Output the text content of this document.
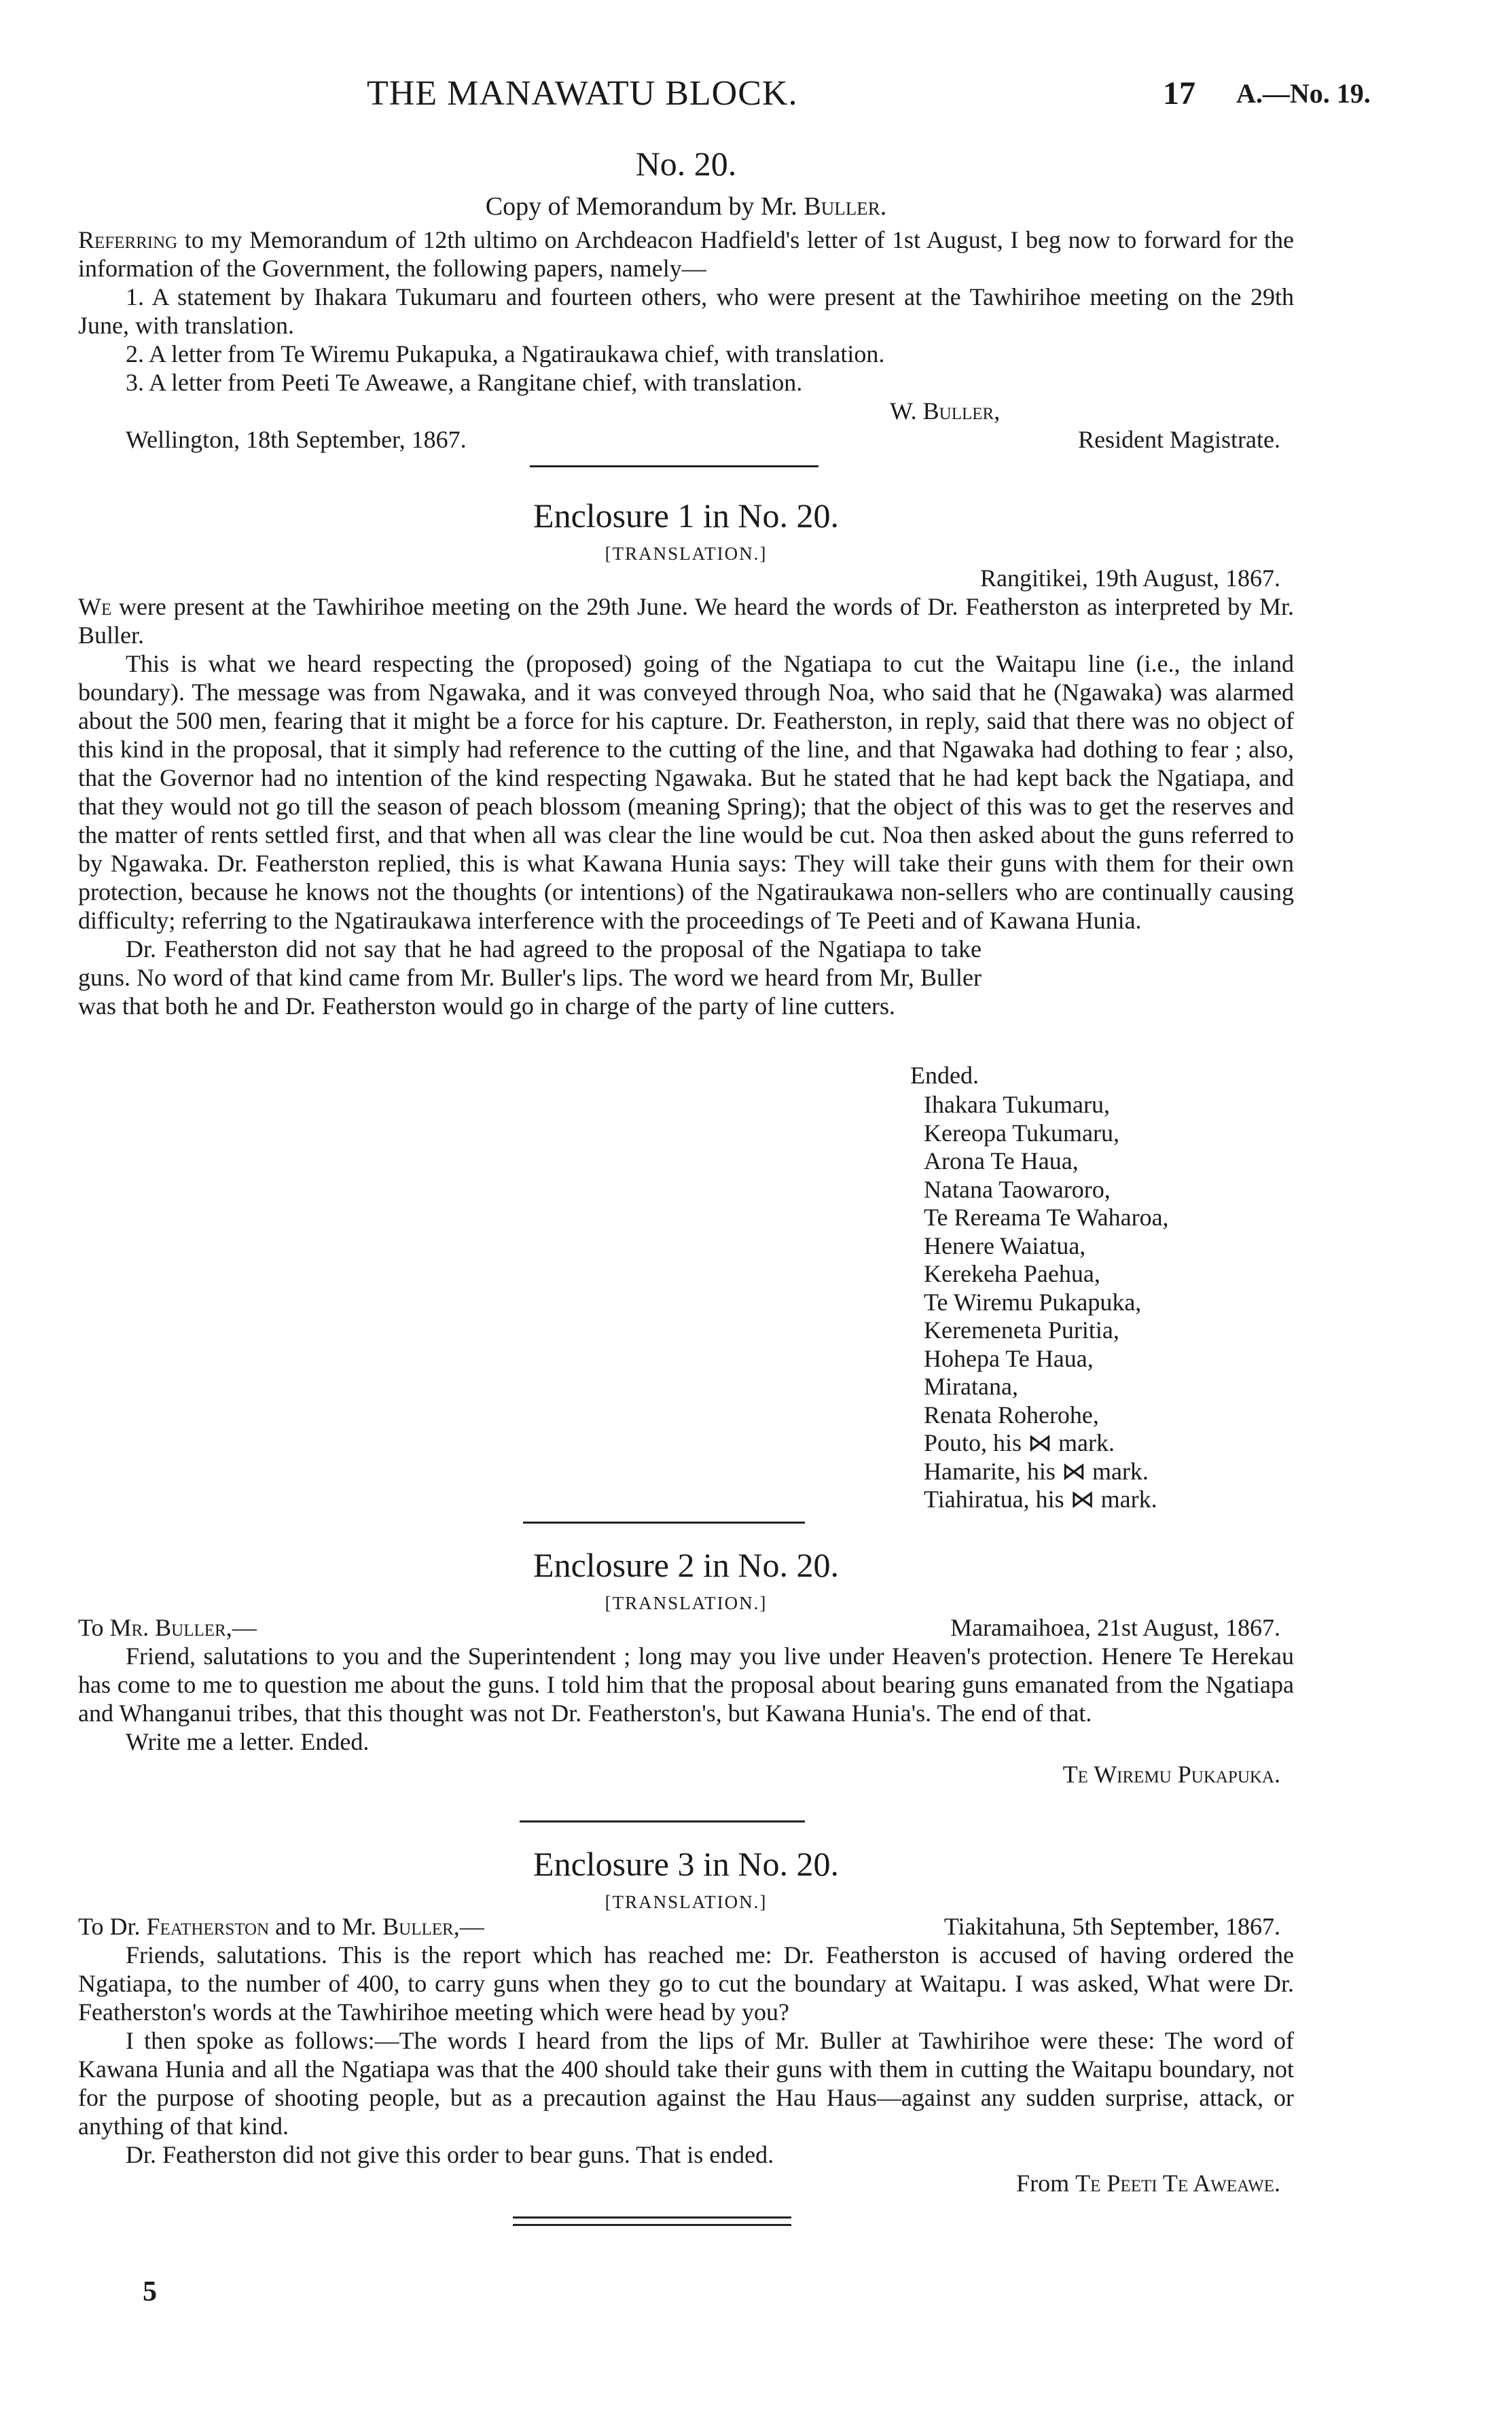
THE MANAWATU BLOCK.	17 A.—No. 19.
No. 20.
Copy of Memorandum by Mr. Buller.

Referring to my Memorandum of 12th ultimo on Archdeacon Hadfield's letter of 1st August, I beg now to forward for the information of the Government, the following papers, namely—

1. A statement by Ihakara Tukumaru and fourteen others, who were present at the Tawhirihoe meeting on the 29th June, with translation.

2. A letter from Te Wiremu Pukapuka, a Ngatiraukawa chief, with translation.

3. A letter from Peeti Te Aweawe, a Rangitane chief, with translation.

W. Buller,
Wellington, 18th September, 1867.	Resident Magistrate.
Enclosure 1 in No. 20.
[TRANSLATION.]
Rangitikei, 19th August, 1867.

We were present at the Tawhirihoe meeting on the 29th June. We heard the words of Dr. Featherston as interpreted by Mr. Buller.

This is what we heard respecting the (proposed) going of the Ngatiapa to cut the Waitapu line (i.e., the inland boundary). The message was from Ngawaka, and it was conveyed through Noa, who said that he (Ngawaka) was alarmed about the 500 men, fearing that it might be a force for his capture. Dr. Featherston, in reply, said that there was no object of this kind in the proposal, that it simply had reference to the cutting of the line, and that Ngawaka had dothing to fear ; also, that the Governor had no intention of the kind respecting Ngawaka. But he stated that he had kept back the Ngatiapa, and that they would not go till the season of peach blossom (meaning Spring); that the object of this was to get the reserves and the matter of rents settled first, and that when all was clear the line would be cut. Noa then asked about the guns referred to by Ngawaka. Dr. Featherston replied, this is what Kawana Hunia says: They will take their guns with them for their own protection, because he knows not the thoughts (or intentions) of the Ngatiraukawa non-sellers who are continually causing difficulty; referring to the Ngatiraukawa interference with the proceedings of Te Peeti and of Kawana Hunia.

Dr. Featherston did not say that he had agreed to the proposal of the Ngatiapa to take guns. No word of that kind came from Mr. Buller's lips. The word we heard from Mr, Buller was that both he and Dr. Featherston would go in charge of the party of line cutters.

Ended.
Ihakara Tukumaru,
Kereopa Tukumaru,
Arona Te Haua,
Natana Taowaroro,
Te Rereama Te Waharoa,
Henere Waiatua,
Kerekeha Paehua,
Te Wiremu Pukapuka,
Keremeneta Puritia,
Hohepa Te Haua,
Miratana,
Renata Roherohe,
Pouto, his ⋈ mark.
Hamarite, his ⋈ mark.
Tiahiratua, his ⋈ mark.
Enclosure 2 in No. 20.
[TRANSLATION.]
To Mr. Buller,—	Maramaihoea, 21st August, 1867.

Friend, salutations to you and the Superintendent ; long may you live under Heaven's protection. Henere Te Herekau has come to me to question me about the guns. I told him that the proposal about bearing guns emanated from the Ngatiapa and Whanganui tribes, that this thought was not Dr. Featherston's, but Kawana Hunia's. The end of that.

Write me a letter. Ended.

Te Wiremu Pukapuka.
Enclosure 3 in No. 20.
[TRANSLATION.]
To Dr. Featherston and to Mr. Buller,—	Tiakitahuna, 5th September, 1867.

Friends, salutations. This is the report which has reached me: Dr. Featherston is accused of having ordered the Ngatiapa, to the number of 400, to carry guns when they go to cut the boundary at Waitapu. I was asked, What were Dr. Featherston's words at the Tawhirihoe meeting which were head by you?

I then spoke as follows:—The words I heard from the lips of Mr. Buller at Tawhirihoe were these: The word of Kawana Hunia and all the Ngatiapa was that the 400 should take their guns with them in cutting the Waitapu boundary, not for the purpose of shooting people, but as a precaution against the Hau Haus—against any sudden surprise, attack, or anything of that kind.

Dr. Featherston did not give this order to bear guns. That is ended.

From Te Peeti Te Aweawe.
5
